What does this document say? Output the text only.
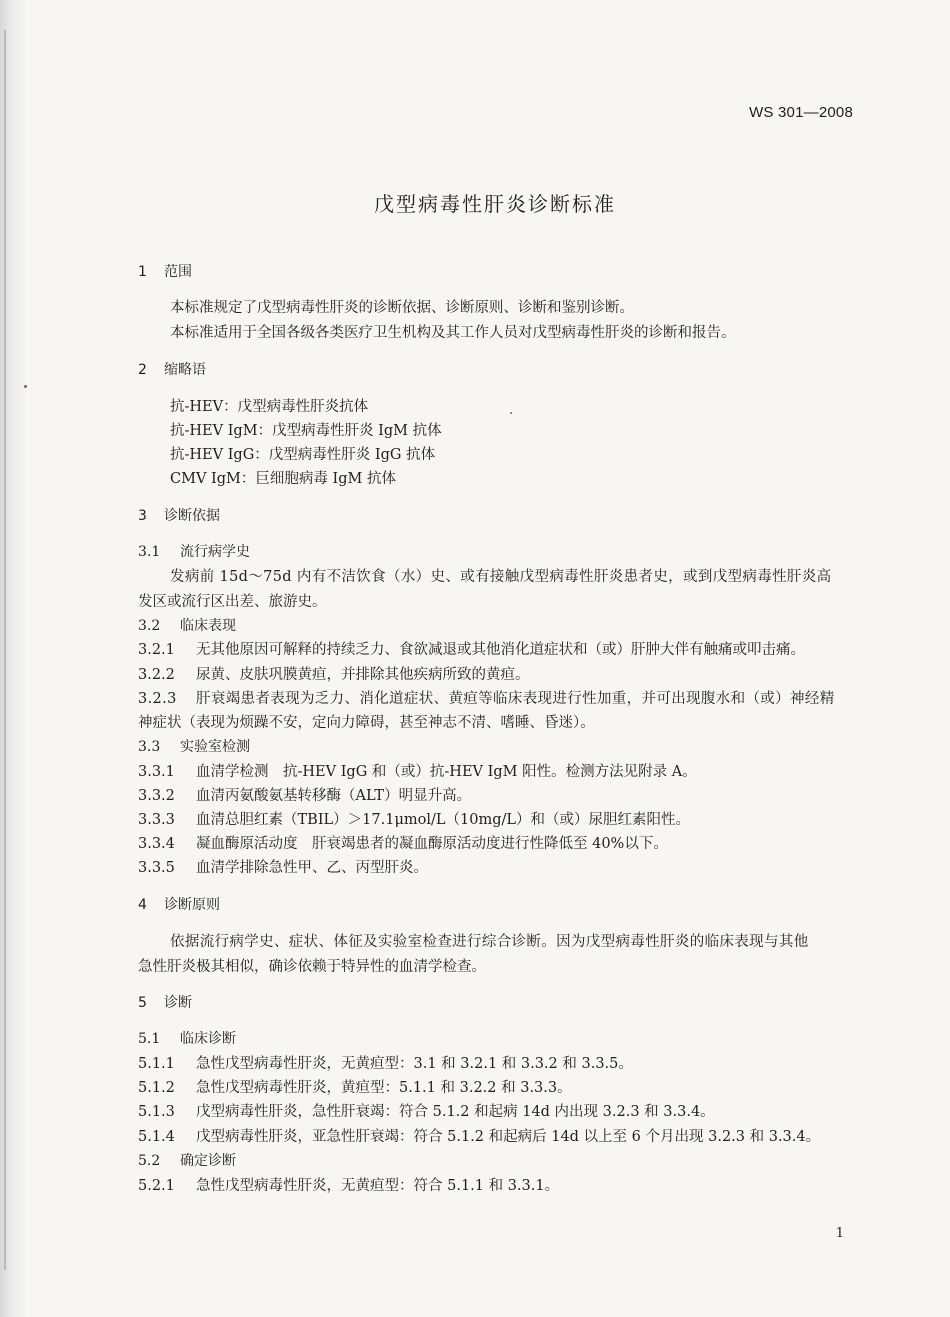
WS 301—2008
戊型病毒性肝炎诊断标准
1 范围
本标准规定了戊型病毒性肝炎的诊断依据、诊断原则、诊断和鉴别诊断。
本标准适用于全国各级各类医疗卫生机构及其工作人员对戊型病毒性肝炎的诊断和报告。
2 缩略语
抗-HEV：戊型病毒性肝炎抗体
抗-HEV IgM：戊型病毒性肝炎 IgM 抗体
抗-HEV IgG：戊型病毒性肝炎 IgG 抗体
CMV IgM：巨细胞病毒 IgM 抗体
3 诊断依据
3.1 流行病学史
发病前 15d～75d 内有不洁饮食（水）史、或有接触戊型病毒性肝炎患者史，或到戊型病毒性肝炎高
发区或流行区出差、旅游史。
3.2 临床表现
3.2.1 无其他原因可解释的持续乏力、食欲减退或其他消化道症状和（或）肝肿大伴有触痛或叩击痛。
3.2.2 尿黄、皮肤巩膜黄疸，并排除其他疾病所致的黄疸。
3.2.3 肝衰竭患者表现为乏力、消化道症状、黄疸等临床表现进行性加重，并可出现腹水和（或）神经精
神症状（表现为烦躁不安，定向力障碍，甚至神志不清、嗜睡、昏迷）。
3.3 实验室检测
3.3.1 血清学检测　抗-HEV IgG 和（或）抗-HEV IgM 阳性。检测方法见附录 A。
3.3.2 血清丙氨酸氨基转移酶（ALT）明显升高。
3.3.3 血清总胆红素（TBIL）＞17.1μmol/L（10mg/L）和（或）尿胆红素阳性。
3.3.4 凝血酶原活动度　肝衰竭患者的凝血酶原活动度进行性降低至 40%以下。
3.3.5 血清学排除急性甲、乙、丙型肝炎。
4 诊断原则
依据流行病学史、症状、体征及实验室检查进行综合诊断。因为戊型病毒性肝炎的临床表现与其他
急性肝炎极其相似，确诊依赖于特异性的血清学检查。
5 诊断
5.1 临床诊断
5.1.1 急性戊型病毒性肝炎，无黄疸型：3.1 和 3.2.1 和 3.3.2 和 3.3.5。
5.1.2 急性戊型病毒性肝炎，黄疸型：5.1.1 和 3.2.2 和 3.3.3。
5.1.3 戊型病毒性肝炎，急性肝衰竭：符合 5.1.2 和起病 14d 内出现 3.2.3 和 3.3.4。
5.1.4 戊型病毒性肝炎，亚急性肝衰竭：符合 5.1.2 和起病后 14d 以上至 6 个月出现 3.2.3 和 3.3.4。
5.2 确定诊断
5.2.1 急性戊型病毒性肝炎，无黄疸型：符合 5.1.1 和 3.3.1。
1
